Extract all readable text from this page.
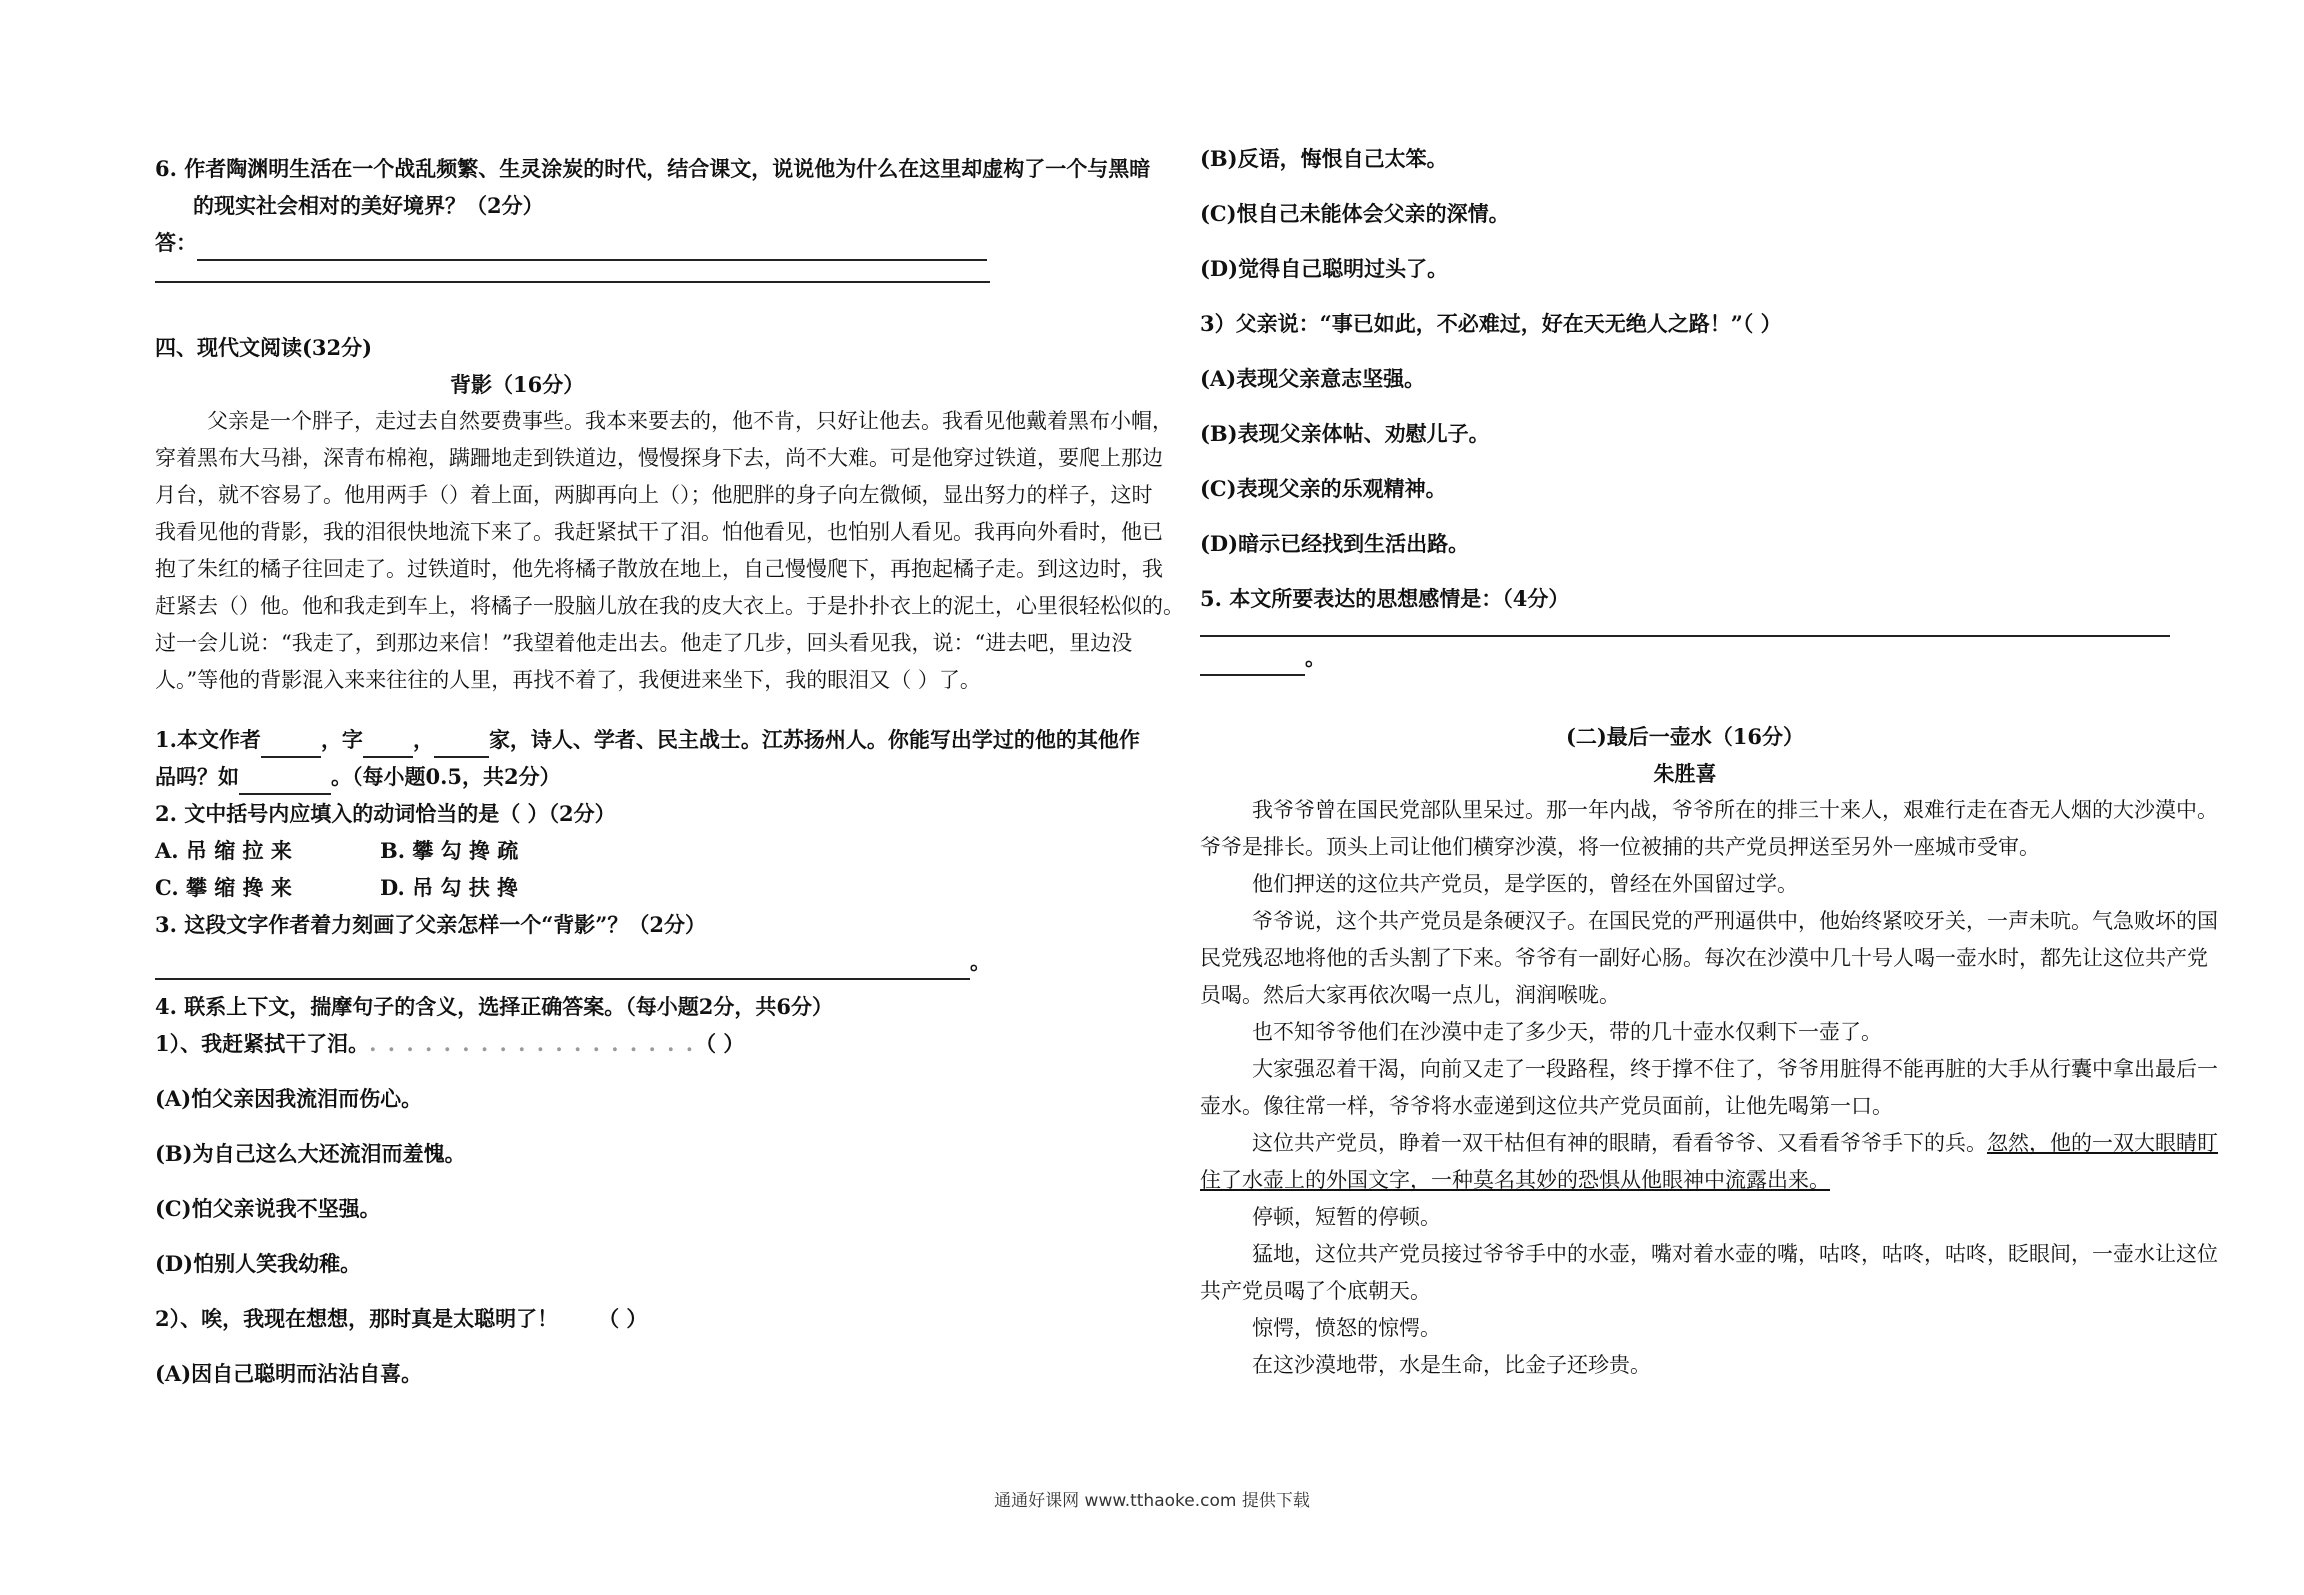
6. 作者陶渊明生活在一个战乱频繁、生灵涂炭的时代，结合课文，说说他为什么在这里却虚构了一个与黑暗
的现实社会相对的美好境界？（2分）
答：
四、现代文阅读(32分)
背影（16分）
父亲是一个胖子，走过去自然要费事些。我本来要去的，他不肯，只好让他去。我看见他戴着黑布小帽，
穿着黑布大马褂，深青布棉袍，蹒跚地走到铁道边，慢慢探身下去，尚不大难。可是他穿过铁道，要爬上那边
月台，就不容易了。他用两手（）着上面，两脚再向上（）；他肥胖的身子向左微倾，显出努力的样子，这时
我看见他的背影，我的泪很快地流下来了。我赶紧拭干了泪。怕他看见，也怕别人看见。我再向外看时，他已
抱了朱红的橘子往回走了。过铁道时，他先将橘子散放在地上，自己慢慢爬下，再抱起橘子走。到这边时，我
赶紧去（）他。他和我走到车上，将橘子一股脑儿放在我的皮大衣上。于是扑扑衣上的泥土，心里很轻松似的。
过一会儿说：“我走了，到那边来信！”我望着他走出去。他走了几步，回头看见我，说：“进去吧，里边没
人。”等他的背影混入来来往往的人里，再找不着了，我便进来坐下，我的眼泪又（ ）了。
1.本文作者	，字 ，	家，诗人、学者、民主战士。江苏扬州人。你能写出学过的他的其他作
品吗？如	。（每小题0.5，共2分）
2. 文中括号内应填入的动词恰当的是（ ）（2分）
A. 吊 缩 拉 来	B. 攀 勾 搀 疏
C. 攀 缩 搀 来	D. 吊 勾 扶 搀
3. 这段文字作者着力刻画了父亲怎样一个“背影”？（2分）
。
4. 联系上下文，揣摩句子的含义，选择正确答案。（每小题2分，共6分）
1）、我赶紧拭干了泪。. . . . . . . . . . . . . . . . . .（ ）
(A)怕父亲因我流泪而伤心。
(B)为自己这么大还流泪而羞愧。
(C)怕父亲说我不坚强。
(D)怕别人笑我幼稚。
2）、唉，我现在想想，那时真是太聪明了！ （ ）
(A)因自己聪明而沾沾自喜。
(B)反语，悔恨自己太笨。
(C)恨自己未能体会父亲的深情。
(D)觉得自己聪明过头了。
3）父亲说：“事已如此，不必难过，好在天无绝人之路！”（ ）
(A)表现父亲意志坚强。
(B)表现父亲体帖、劝慰儿子。
(C)表现父亲的乐观精神。
(D)暗示已经找到生活出路。
5. 本文所要表达的思想感情是：（4分）
。
(二)最后一壶水（16分）
朱胜喜
我爷爷曾在国民党部队里呆过。那一年内战，爷爷所在的排三十来人，艰难行走在杳无人烟的大沙漠中。
爷爷是排长。顶头上司让他们横穿沙漠，将一位被捕的共产党员押送至另外一座城市受审。
他们押送的这位共产党员，是学医的，曾经在外国留过学。
爷爷说，这个共产党员是条硬汉子。在国民党的严刑逼供中，他始终紧咬牙关，一声未吭。气急败坏的国
民党残忍地将他的舌头割了下来。爷爷有一副好心肠。每次在沙漠中几十号人喝一壶水时，都先让这位共产党
员喝。然后大家再依次喝一点儿，润润喉咙。
也不知爷爷他们在沙漠中走了多少天，带的几十壶水仅剩下一壶了。
大家强忍着干渴，向前又走了一段路程，终于撑不住了，爷爷用脏得不能再脏的大手从行囊中拿出最后一
壶水。像往常一样，爷爷将水壶递到这位共产党员面前，让他先喝第一口。
这位共产党员，睁着一双干枯但有神的眼睛，看看爷爷、又看看爷爷手下的兵。忽然，他的一双大眼睛盯
住了水壶上的外国文字，一种莫名其妙的恐惧从他眼神中流露出来。
停顿，短暂的停顿。
猛地，这位共产党员接过爷爷手中的水壶，嘴对着水壶的嘴，咕咚，咕咚，咕咚，眨眼间，一壶水让这位
共产党员喝了个底朝天。
惊愕，愤怒的惊愕。
在这沙漠地带，水是生命，比金子还珍贵。
通通好课网 www.tthaoke.com 提供下载
